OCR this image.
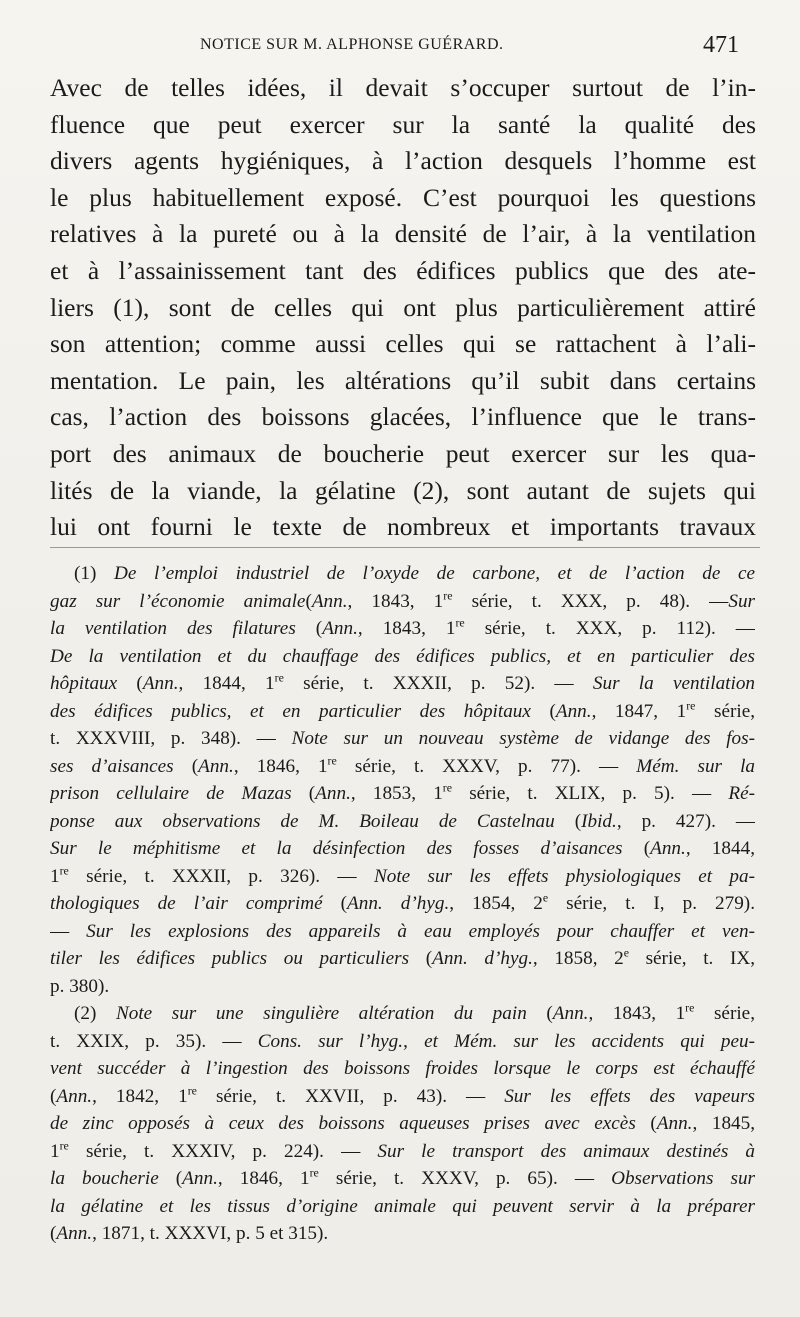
NOTICE SUR M. ALPHONSE GUÉRARD.	471
Avec de telles idées, il devait s’occuper surtout de l’in-
fluence que peut exercer sur la santé la qualité des
divers agents hygiéniques, à l’action desquels l’homme est
le plus habituellement exposé. C’est pourquoi les questions
relatives à la pureté ou à la densité de l’air, à la ventilation
et à l’assainissement tant des édifices publics que des ate-
liers (1), sont de celles qui ont plus particulièrement attiré
son attention; comme aussi celles qui se rattachent à l’ali-
mentation. Le pain, les altérations qu’il subit dans certains
cas, l’action des boissons glacées, l’influence que le trans-
port des animaux de boucherie peut exercer sur les qua-
lités de la viande, la gélatine (2), sont autant de sujets qui
lui ont fourni le texte de nombreux et importants travaux
(1) De l’emploi industriel de l’oxyde de carbone, et de l’action de ce
gaz sur l’économie animale(Ann., 1843, 1re série, t. XXX, p. 48). —Sur
la ventilation des filatures (Ann., 1843, 1re série, t. XXX, p. 112). —
De la ventilation et du chauffage des édifices publics, et en particulier des
hôpitaux (Ann., 1844, 1re série, t. XXXII, p. 52). — Sur la ventilation
des édifices publics, et en particulier des hôpitaux (Ann., 1847, 1re série,
t. XXXVIII, p. 348). — Note sur un nouveau système de vidange des fos-
ses d’aisances (Ann., 1846, 1re série, t. XXXV, p. 77). — Mém. sur la
prison cellulaire de Mazas (Ann., 1853, 1re série, t. XLIX, p. 5). — Ré-
ponse aux observations de M. Boileau de Castelnau (Ibid., p. 427). —
Sur le méphitisme et la désinfection des fosses d’aisances (Ann., 1844,
1re série, t. XXXII, p. 326). — Note sur les effets physiologiques et pa-
thologiques de l’air comprimé (Ann. d’hyg., 1854, 2e série, t. I, p. 279).
— Sur les explosions des appareils à eau employés pour chauffer et ven-
tiler les édifices publics ou particuliers (Ann. d’hyg., 1858, 2e série, t. IX,
p. 380).
(2) Note sur une singulière altération du pain (Ann., 1843, 1re série,
t. XXIX, p. 35). — Cons. sur l’hyg., et Mém. sur les accidents qui peu-
vent succéder à l’ingestion des boissons froides lorsque le corps est échauffé
(Ann., 1842, 1re série, t. XXVII, p. 43). — Sur les effets des vapeurs
de zinc opposés à ceux des boissons aqueuses prises avec excès (Ann., 1845,
1re série, t. XXXIV, p. 224). — Sur le transport des animaux destinés à
la boucherie (Ann., 1846, 1re série, t. XXXV, p. 65). — Observations sur
la gélatine et les tissus d’origine animale qui peuvent servir à la préparer
(Ann., 1871, t. XXXVI, p. 5 et 315).
